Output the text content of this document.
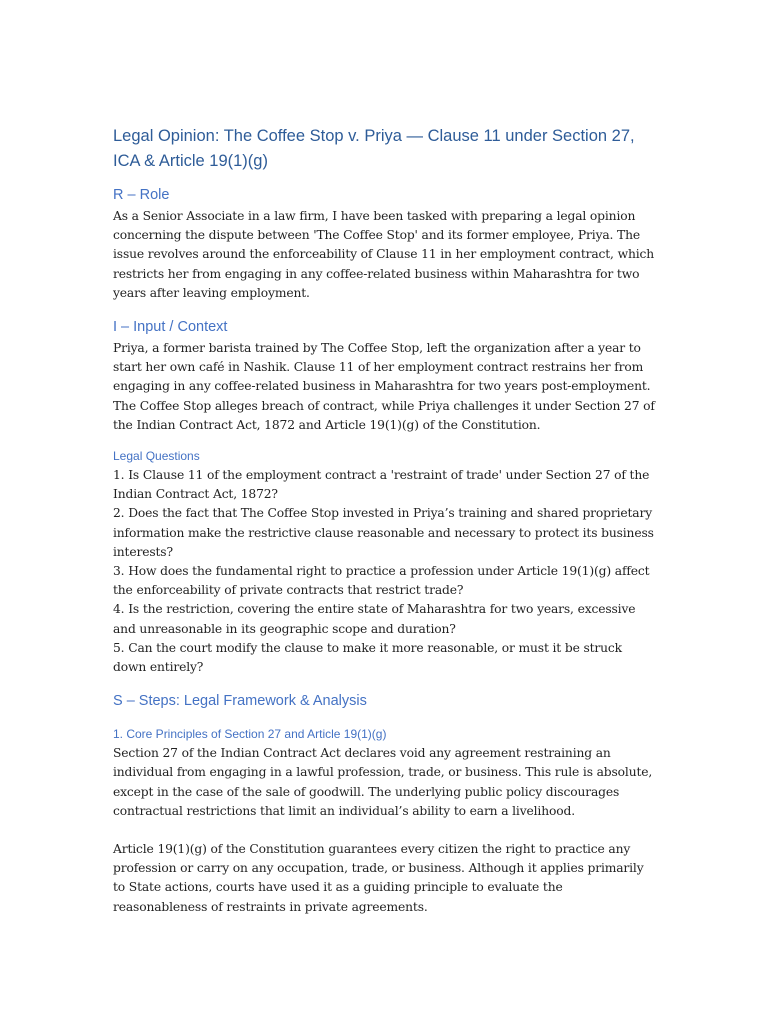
Legal Opinion: The Coffee Stop v. Priya — Clause 11 under Section 27, ICA & Article 19(1)(g)
R – Role

As a Senior Associate in a law firm, I have been tasked with preparing a legal opinion concerning the dispute between 'The Coffee Stop' and its former employee, Priya. The issue revolves around the enforceability of Clause 11 in her employment contract, which restricts her from engaging in any coffee-related business within Maharashtra for two years after leaving employment.

I – Input / Context

Priya, a former barista trained by The Coffee Stop, left the organization after a year to start her own café in Nashik. Clause 11 of her employment contract restrains her from engaging in any coffee-related business in Maharashtra for two years post-employment. The Coffee Stop alleges breach of contract, while Priya challenges it under Section 27 of the Indian Contract Act, 1872 and Article 19(1)(g) of the Constitution.

Legal Questions

1. Is Clause 11 of the employment contract a 'restraint of trade' under Section 27 of the Indian Contract Act, 1872?

2. Does the fact that The Coffee Stop invested in Priya’s training and shared proprietary information make the restrictive clause reasonable and necessary to protect its business interests?

3. How does the fundamental right to practice a profession under Article 19(1)(g) affect the enforceability of private contracts that restrict trade?

4. Is the restriction, covering the entire state of Maharashtra for two years, excessive and unreasonable in its geographic scope and duration?

5. Can the court modify the clause to make it more reasonable, or must it be struck down entirely?

S – Steps: Legal Framework & Analysis
1. Core Principles of Section 27 and Article 19(1)(g)

Section 27 of the Indian Contract Act declares void any agreement restraining an individual from engaging in a lawful profession, trade, or business. This rule is absolute, except in the case of the sale of goodwill. The underlying public policy discourages contractual restrictions that limit an individual’s ability to earn a livelihood.

Article 19(1)(g) of the Constitution guarantees every citizen the right to practice any profession or carry on any occupation, trade, or business. Although it applies primarily to State actions, courts have used it as a guiding principle to evaluate the reasonableness of restraints in private agreements.
